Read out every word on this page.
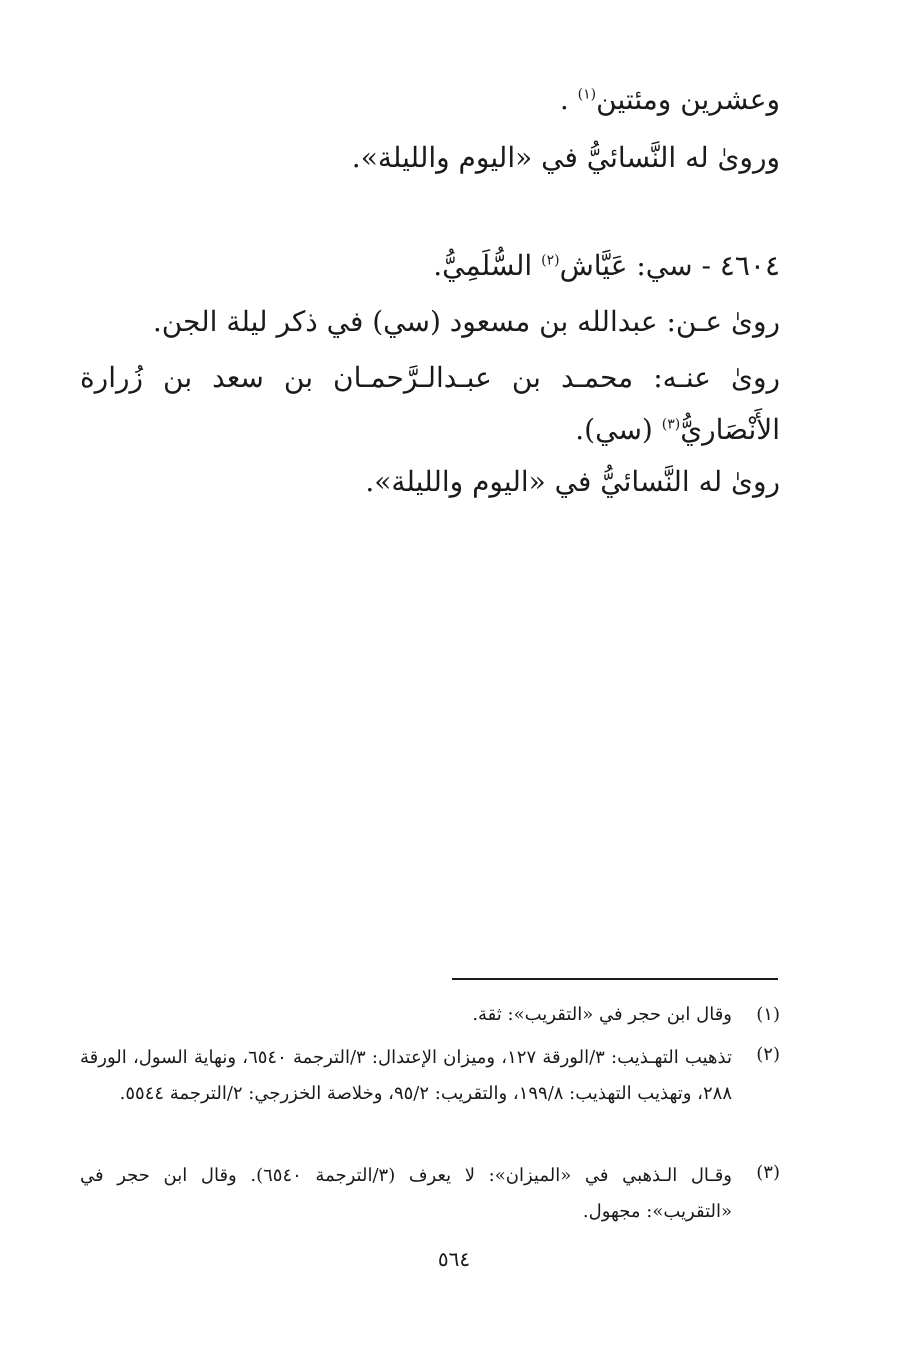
وعشرين ومئتين$^{(١)}$ .
وروىٰ له النَّسائيُّ في «اليوم والليلة».
٤٦٠٤ - سي: عَيَّاش$^{(٢)}$ السُّلَمِيُّ.
روىٰ عـن: عبدالله بن مسعود (سي) في ذكر ليلة الجن.
روىٰ عنـه: محمـد بن عبـدالـرَّحمـان بن سعد بن زُرارة
الأَنْصَاريُّ$^{(٣)}$ (سي).
روىٰ له النَّسائيُّ في «اليوم والليلة».
(١)
وقال ابن حجر في «التقريب»: ثقة.
(٢)
تذهيب التهـذيب: ٣/الورقة ١٢٧، وميزان الإعتدال: ٣/الترجمة ٦٥٤٠، ونهاية السول، الورقة ٢٨٨، وتهذيب التهذيب: ١٩٩/٨، والتقريب: ٩٥/٢، وخلاصة الخزرجي: ٢/الترجمة ٥٥٤٤.
(٣)
وقـال الـذهبي في «الميزان»: لا يعرف (٣/الترجمة ٦٥٤٠). وقال ابن حجر في «التقريب»: مجهول.
٥٦٤
